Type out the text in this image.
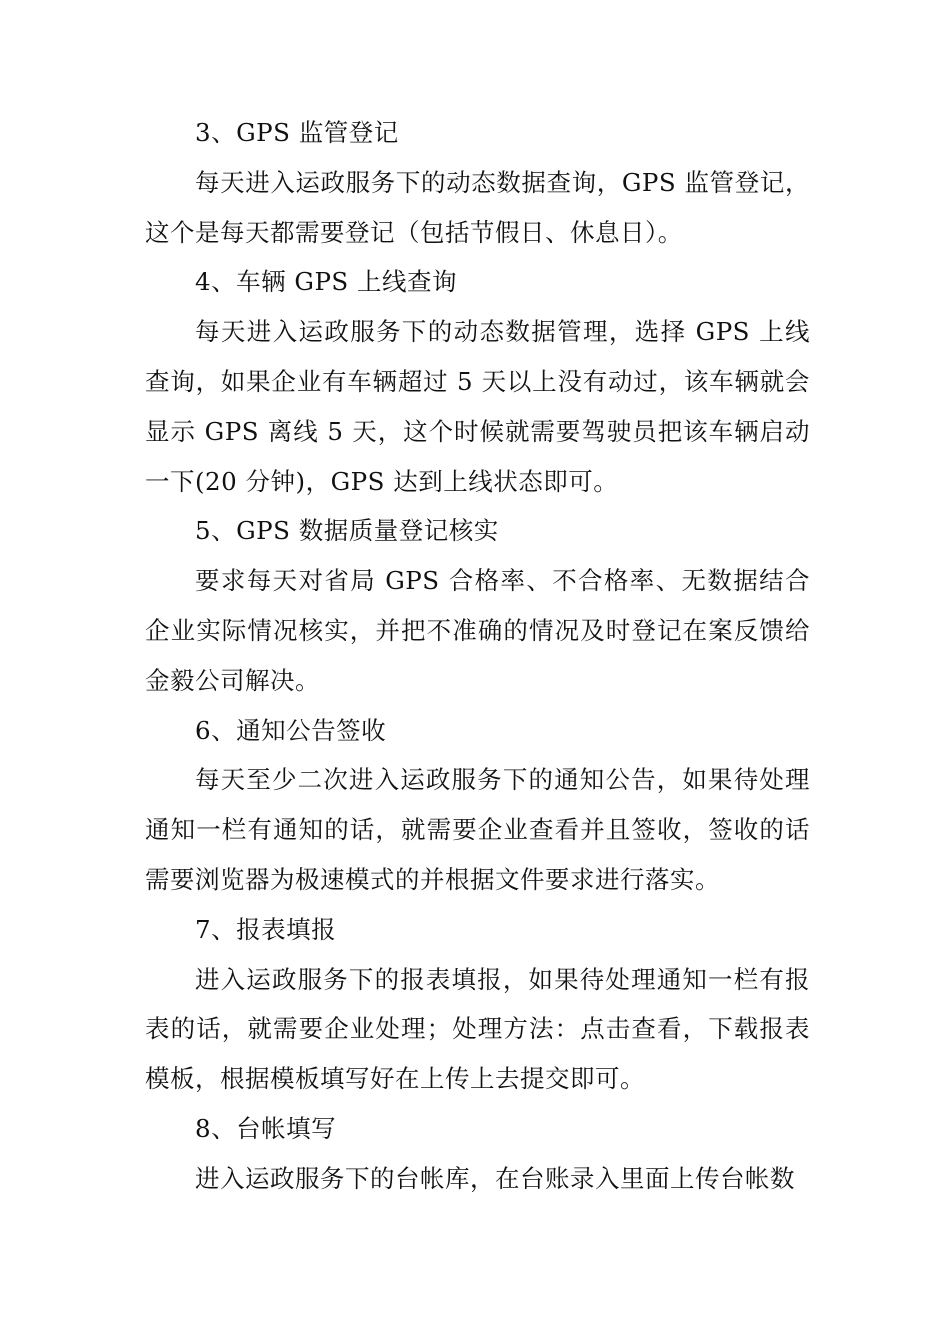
3、GPS 监管登记

每天进入运政服务下的动态数据查询，GPS 监管登记，这个是每天都需要登记（包括节假日、休息日）。

4、车辆 GPS 上线查询

每天进入运政服务下的动态数据管理，选择 GPS 上线查询，如果企业有车辆超过 5 天以上没有动过，该车辆就会显示 GPS 离线 5 天，这个时候就需要驾驶员把该车辆启动一下(20 分钟)，GPS 达到上线状态即可。

5、GPS 数据质量登记核实

要求每天对省局 GPS 合格率、不合格率、无数据结合企业实际情况核实，并把不准确的情况及时登记在案反馈给金毅公司解决。

6、通知公告签收

每天至少二次进入运政服务下的通知公告，如果待处理通知一栏有通知的话，就需要企业查看并且签收，签收的话需要浏览器为极速模式的并根据文件要求进行落实。

7、报表填报

进入运政服务下的报表填报，如果待处理通知一栏有报表的话，就需要企业处理；处理方法：点击查看，下载报表模板，根据模板填写好在上传上去提交即可。

8、台帐填写

进入运政服务下的台帐库，在台账录入里面上传台帐数
